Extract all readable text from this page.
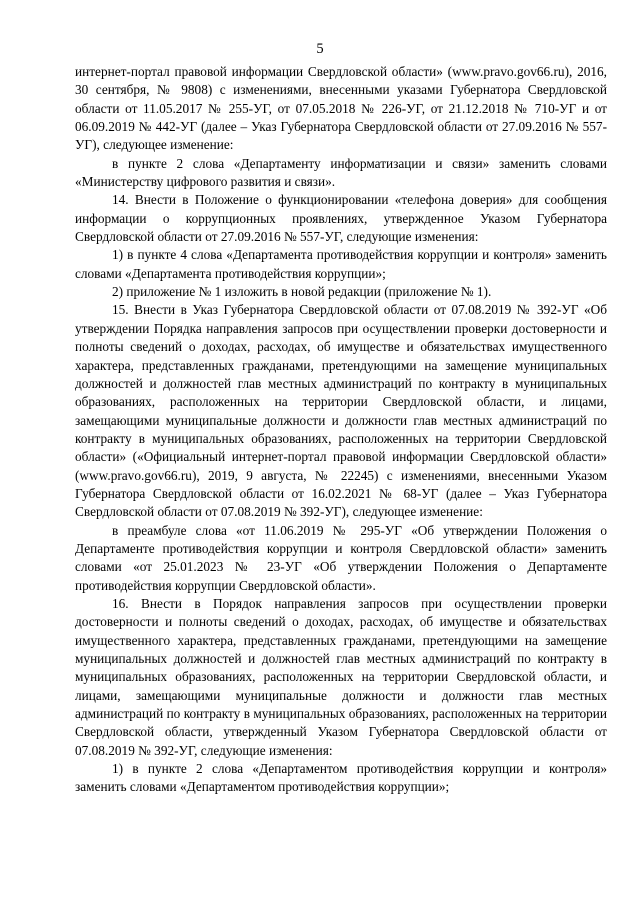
5

интернет-портал правовой информации Свердловской области» (www.pravo.gov66.ru), 2016, 30 сентября, № 9808) с изменениями, внесенными указами Губернатора Свердловской области от 11.05.2017 № 255-УГ, от 07.05.2018 № 226-УГ, от 21.12.2018 № 710-УГ и от 06.09.2019 № 442-УГ (далее – Указ Губернатора Свердловской области от 27.09.2016 № 557-УГ), следующее изменение:

в пункте 2 слова «Департаменту информатизации и связи» заменить словами «Министерству цифрового развития и связи».

14. Внести в Положение о функционировании «телефона доверия» для сообщения информации о коррупционных проявлениях, утвержденное Указом Губернатора Свердловской области от 27.09.2016 № 557-УГ, следующие изменения:

1) в пункте 4 слова «Департамента противодействия коррупции и контроля» заменить словами «Департамента противодействия коррупции»;

2) приложение № 1 изложить в новой редакции (приложение № 1).

15. Внести в Указ Губернатора Свердловской области от 07.08.2019 № 392-УГ «Об утверждении Порядка направления запросов при осуществлении проверки достоверности и полноты сведений о доходах, расходах, об имуществе и обязательствах имущественного характера, представленных гражданами, претендующими на замещение муниципальных должностей и должностей глав местных администраций по контракту в муниципальных образованиях, расположенных на территории Свердловской области, и лицами, замещающими муниципальные должности и должности глав местных администраций по контракту в муниципальных образованиях, расположенных на территории Свердловской области» («Официальный интернет-портал правовой информации Свердловской области» (www.pravo.gov66.ru), 2019, 9 августа, № 22245) с изменениями, внесенными Указом Губернатора Свердловской области от 16.02.2021 № 68-УГ (далее – Указ Губернатора Свердловской области от 07.08.2019 № 392-УГ), следующее изменение:

в преамбуле слова «от 11.06.2019 № 295-УГ «Об утверждении Положения о Департаменте противодействия коррупции и контроля Свердловской области» заменить словами «от 25.01.2023 № 23-УГ «Об утверждении Положения о Департаменте противодействия коррупции Свердловской области».

16. Внести в Порядок направления запросов при осуществлении проверки достоверности и полноты сведений о доходах, расходах, об имуществе и обязательствах имущественного характера, представленных гражданами, претендующими на замещение муниципальных должностей и должностей глав местных администраций по контракту в муниципальных образованиях, расположенных на территории Свердловской области, и лицами, замещающими муниципальные должности и должности глав местных администраций по контракту в муниципальных образованиях, расположенных на территории Свердловской области, утвержденный Указом Губернатора Свердловской области от 07.08.2019 № 392-УГ, следующие изменения:

1) в пункте 2 слова «Департаментом противодействия коррупции и контроля» заменить словами «Департаментом противодействия коррупции»;
